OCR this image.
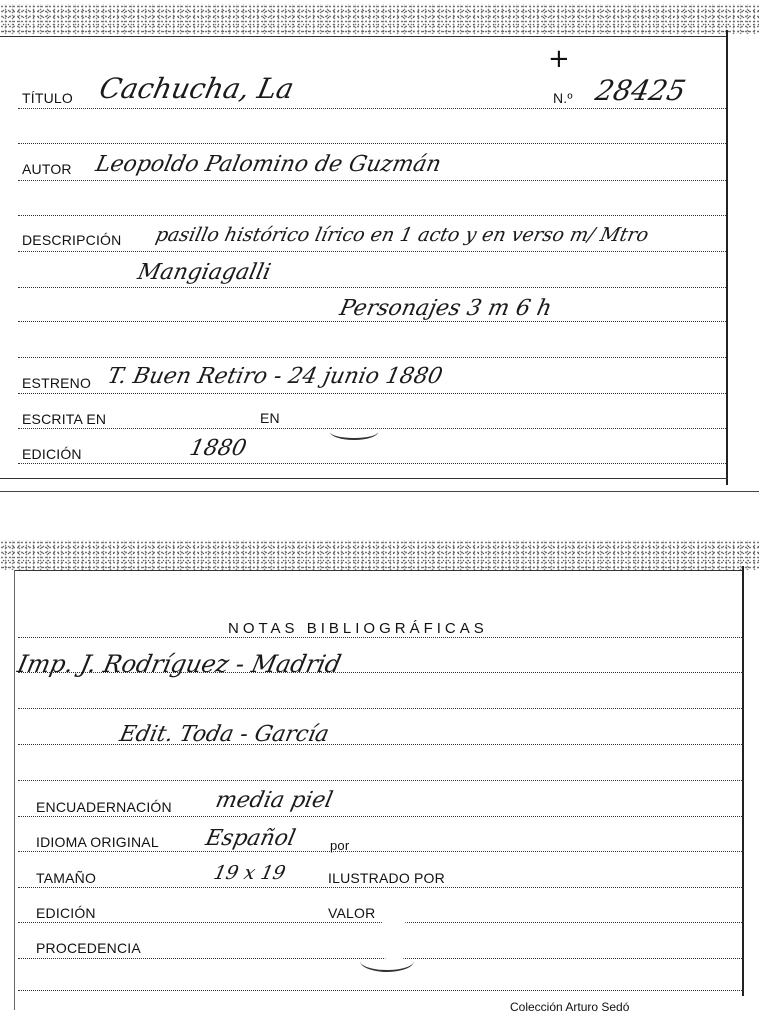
TÍTULO Cachucha, La
+
N.º 28425
AUTOR Leopoldo Palomino de Guzmán
DESCRIPCIÓN pasillo histórico lírico en 1 acto y en verso m/ Mtro
Mangiagalli
Personajes 3 m 6 h
ESTRENO T. Buen Retiro - 24 junio 1880
ESCRITA EN	EN
EDICIÓN	1880
NOTAS BIBLIOGRÁFICAS
Imp. J. Rodríguez - Madrid
Edit. Toda - García
ENCUADERNACIÓN media piel
IDIOMA ORIGINAL Español por
TAMAÑO	19 x 19	ILUSTRADO POR
EDICIÓN	VALOR
PROCEDENCIA
Colección Arturo Sedó
